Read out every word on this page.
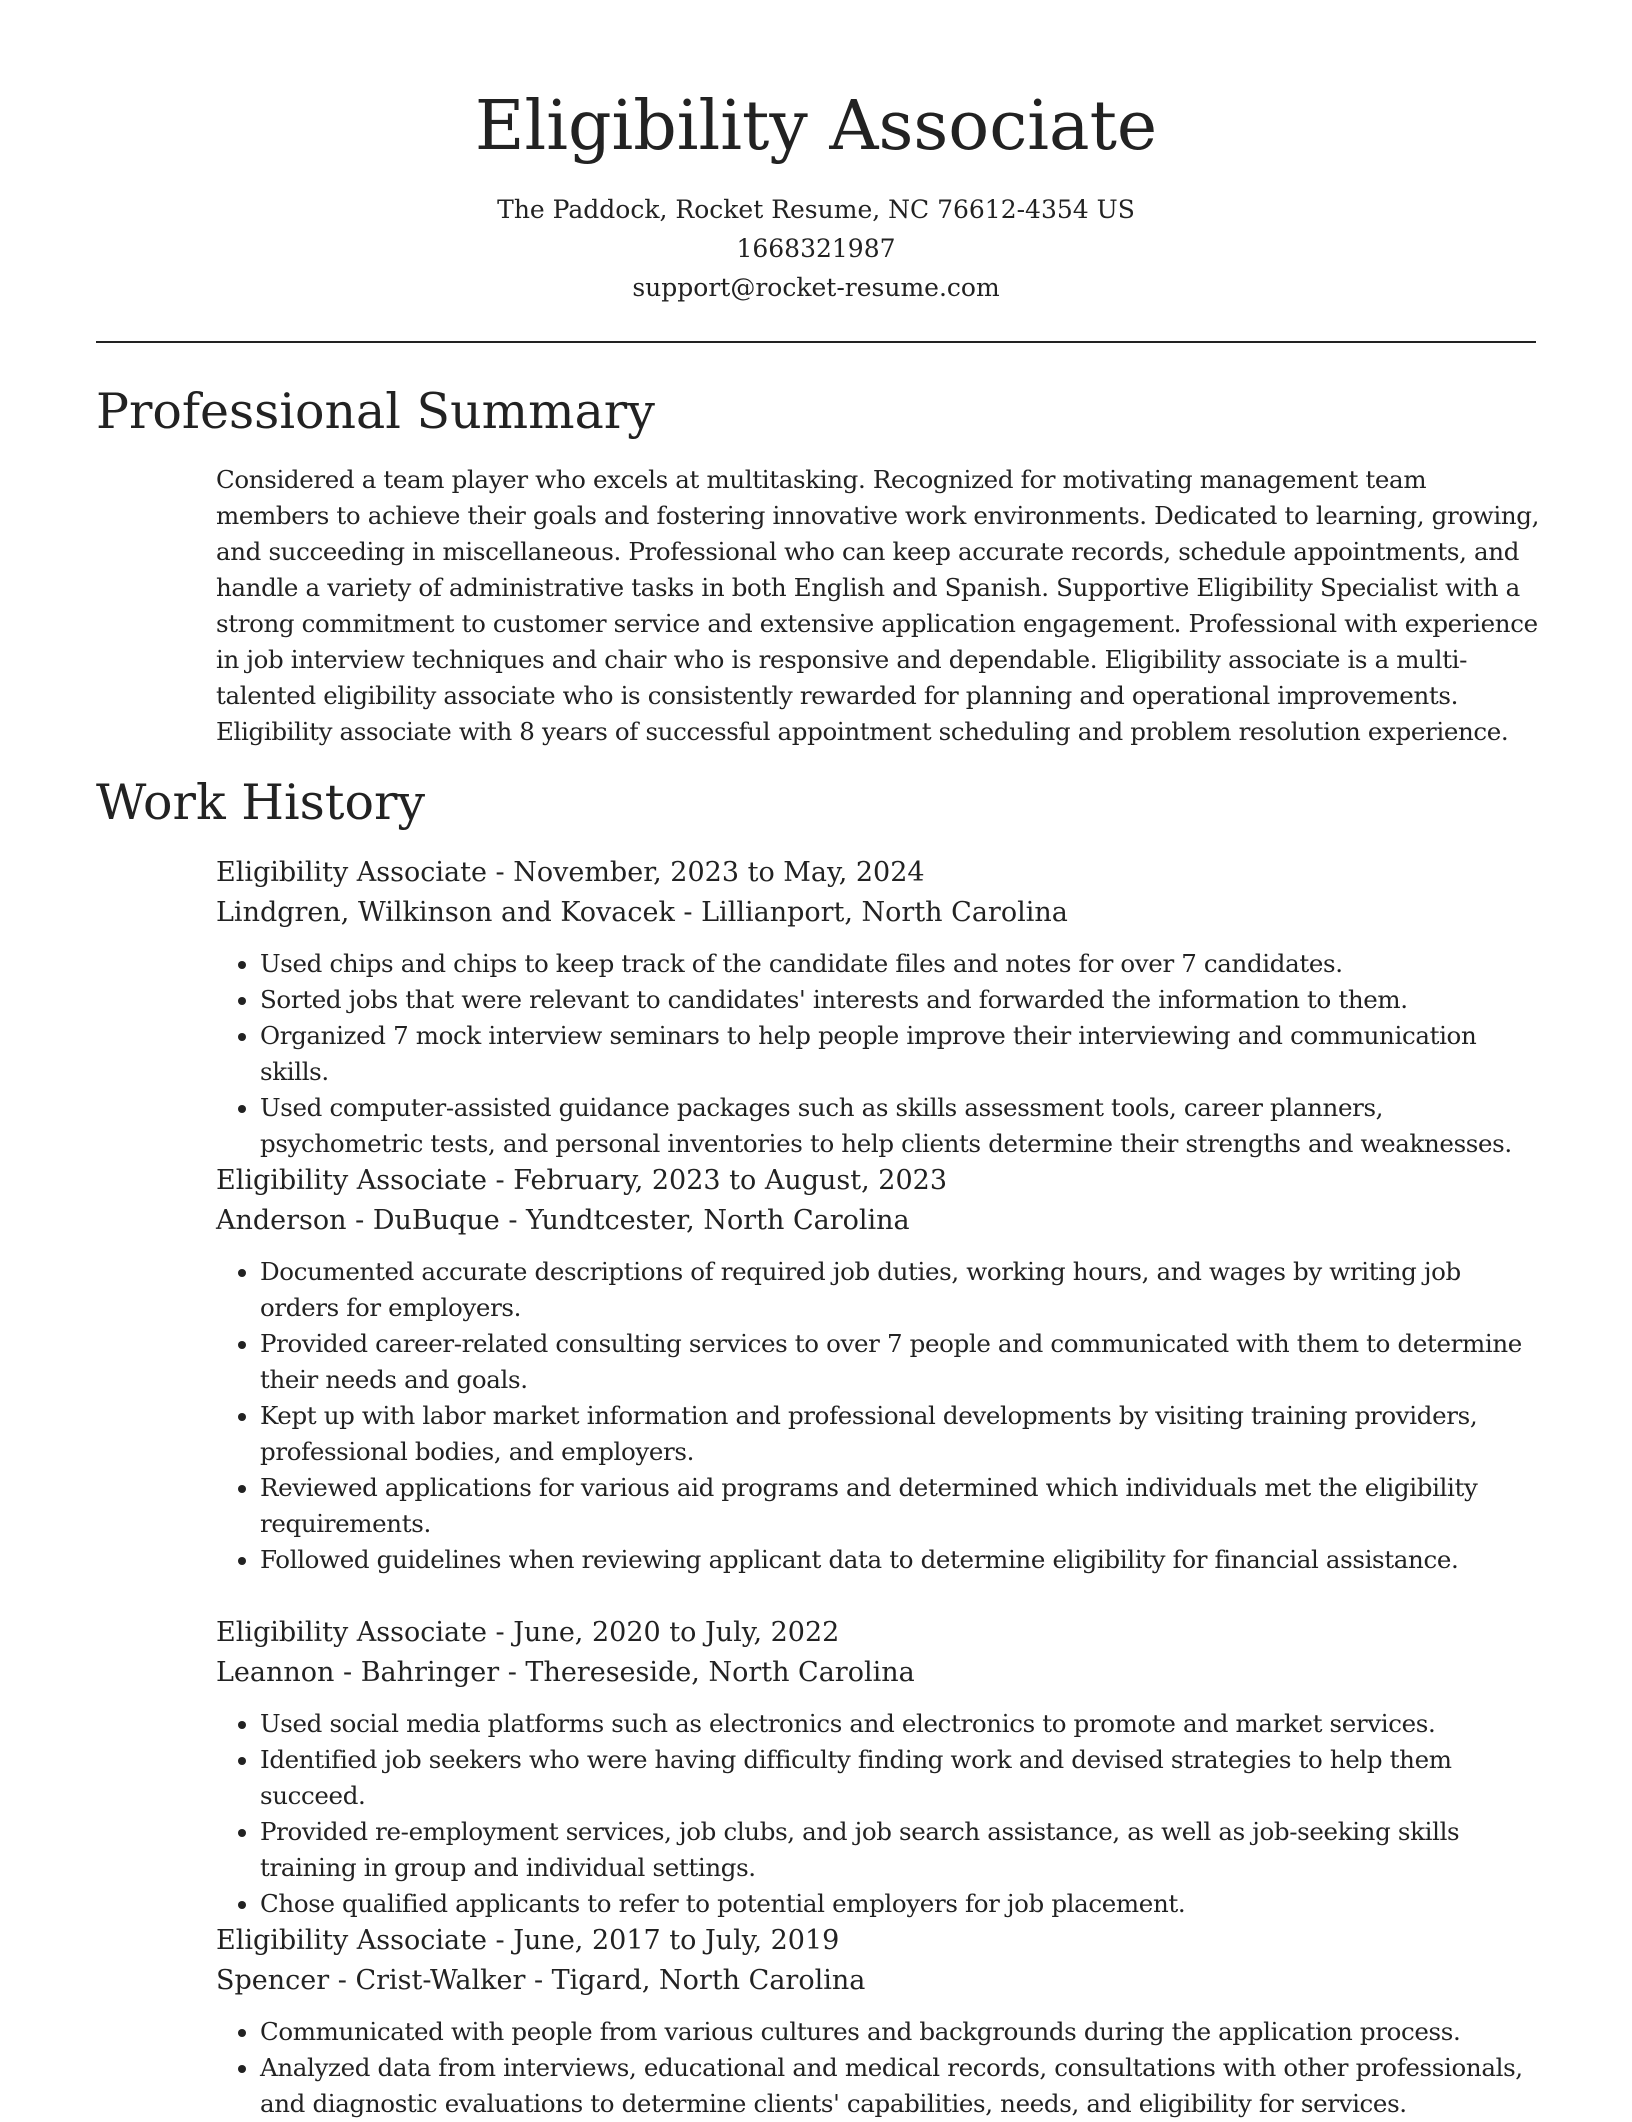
Eligibility Associate
The Paddock, Rocket Resume, NC 76612-4354 US
1668321987
support@rocket-resume.com
Professional Summary

Considered a team player who excels at multitasking. Recognized for motivating management team members to achieve their goals and fostering innovative work environments. Dedicated to learning, growing, and succeeding in miscellaneous. Professional who can keep accurate records, schedule appointments, and handle a variety of administrative tasks in both English and Spanish. Supportive Eligibility Specialist with a strong commitment to customer service and extensive application engagement. Professional with experience in job interview techniques and chair who is responsive and dependable. Eligibility associate is a multi-talented eligibility associate who is consistently rewarded for planning and operational improvements. Eligibility associate with 8 years of successful appointment scheduling and problem resolution experience.

Work History
Eligibility Associate - November, 2023 to May, 2024
Lindgren, Wilkinson and Kovacek - Lillianport, North Carolina
• Used chips and chips to keep track of the candidate files and notes for over 7 candidates.
• Sorted jobs that were relevant to candidates' interests and forwarded the information to them.
• Organized 7 mock interview seminars to help people improve their interviewing and communication skills.
• Used computer-assisted guidance packages such as skills assessment tools, career planners, psychometric tests, and personal inventories to help clients determine their strengths and weaknesses.
Eligibility Associate - February, 2023 to August, 2023
Anderson - DuBuque - Yundtcester, North Carolina
• Documented accurate descriptions of required job duties, working hours, and wages by writing job orders for employers.
• Provided career-related consulting services to over 7 people and communicated with them to determine their needs and goals.
• Kept up with labor market information and professional developments by visiting training providers, professional bodies, and employers.
• Reviewed applications for various aid programs and determined which individuals met the eligibility requirements.
• Followed guidelines when reviewing applicant data to determine eligibility for financial assistance.
Eligibility Associate - June, 2020 to July, 2022
Leannon - Bahringer - Thereseside, North Carolina
• Used social media platforms such as electronics and electronics to promote and market services.
• Identified job seekers who were having difficulty finding work and devised strategies to help them succeed.
• Provided re-employment services, job clubs, and job search assistance, as well as job-seeking skills training in group and individual settings.
• Chose qualified applicants to refer to potential employers for job placement.
Eligibility Associate - June, 2017 to July, 2019
Spencer - Crist-Walker - Tigard, North Carolina
• Communicated with people from various cultures and backgrounds during the application process.
• Analyzed data from interviews, educational and medical records, consultations with other professionals, and diagnostic evaluations to determine clients' capabilities, needs, and eligibility for services.
